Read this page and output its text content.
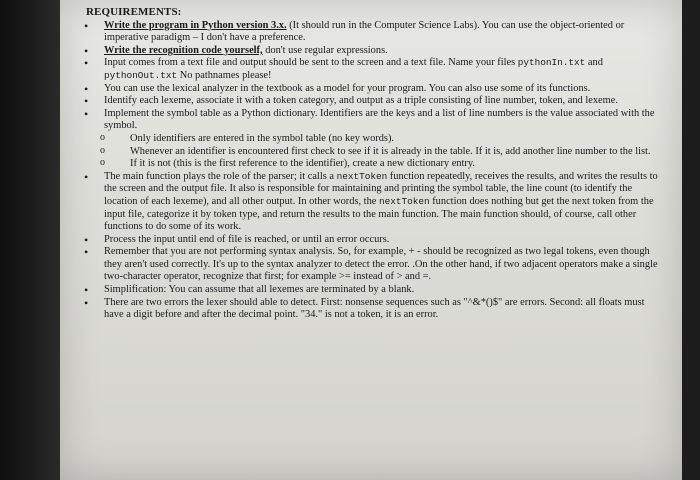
REQUIREMENTS:
• Write the program in Python version 3.x. (It should run in the Computer Science Labs). You can use the object-oriented or imperative paradigm – I don't have a preference.
• Write the recognition code yourself, don't use regular expressions.
• Input comes from a text file and output should be sent to the screen and a text file. Name your files pythonIn.txt and pythonOut.txt No pathnames please!
• You can use the lexical analyzer in the textbook as a model for your program. You can also use some of its functions.
• Identify each lexeme, associate it with a token category, and output as a triple consisting of line number, token, and lexeme.
• Implement the symbol table as a Python dictionary. Identifiers are the keys and a list of line numbers is the value associated with the symbol.
o Only identifiers are entered in the symbol table (no key words).
o Whenever an identifier is encountered first check to see if it is already in the table. If it is, add another line number to the list.
o If it is not (this is the first reference to the identifier), create a new dictionary entry.
• The main function plays the role of the parser; it calls a nextToken function repeatedly, receives the results, and writes the results to the screen and the output file. It also is responsible for maintaining and printing the symbol table, the line count (to identify the location of each lexeme), and all other output. In other words, the nextToken function does nothing but get the next token from the input file, categorize it by token type, and return the results to the main function. The main function should, of course, call other functions to do some of its work.
• Process the input until end of file is reached, or until an error occurs.
• Remember that you are not performing syntax analysis. So, for example, + - should be recognized as two legal tokens, even though they aren't used correctly. It's up to the syntax analyzer to detect the error. .On the other hand, if two adjacent operators make a single two-character operator, recognize that first; for example >= instead of > and =.
• Simplification: You can assume that all lexemes are terminated by a blank.
• There are two errors the lexer should able to detect. First: nonsense sequences such as "^&*()$" are errors. Second: all floats must have a digit before and after the decimal point. "34." is not a token, it is an error.
